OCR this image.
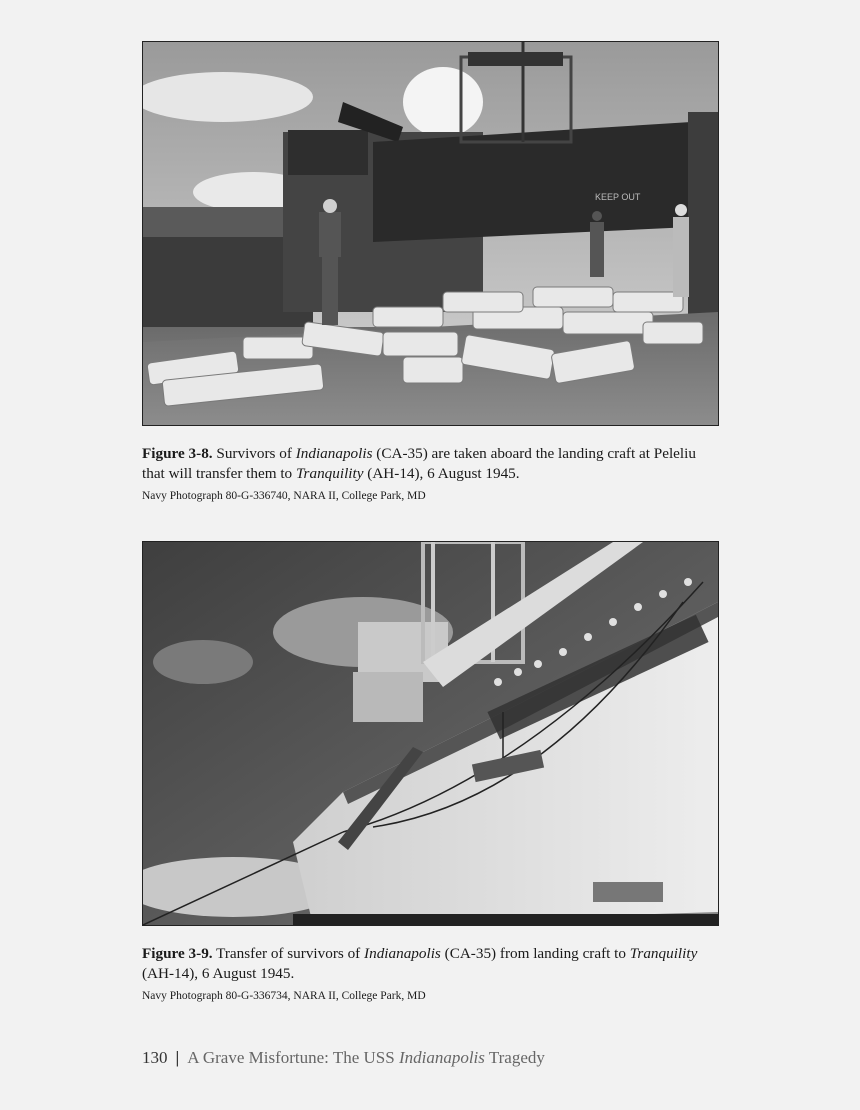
KEEP OUT
Figure 3-8. Survivors of Indianapolis (CA-35) are taken aboard the landing craft at Peleliu that will transfer them to Tranquility (AH-14), 6 August 1945.
Navy Photograph 80-G-336740, NARA II, College Park, MD
Figure 3-9. Transfer of survivors of Indianapolis (CA-35) from landing craft to Tranquility (AH-14), 6 August 1945.
Navy Photograph 80-G-336734, NARA II, College Park, MD
130 | A Grave Misfortune: The USS Indianapolis Tragedy
